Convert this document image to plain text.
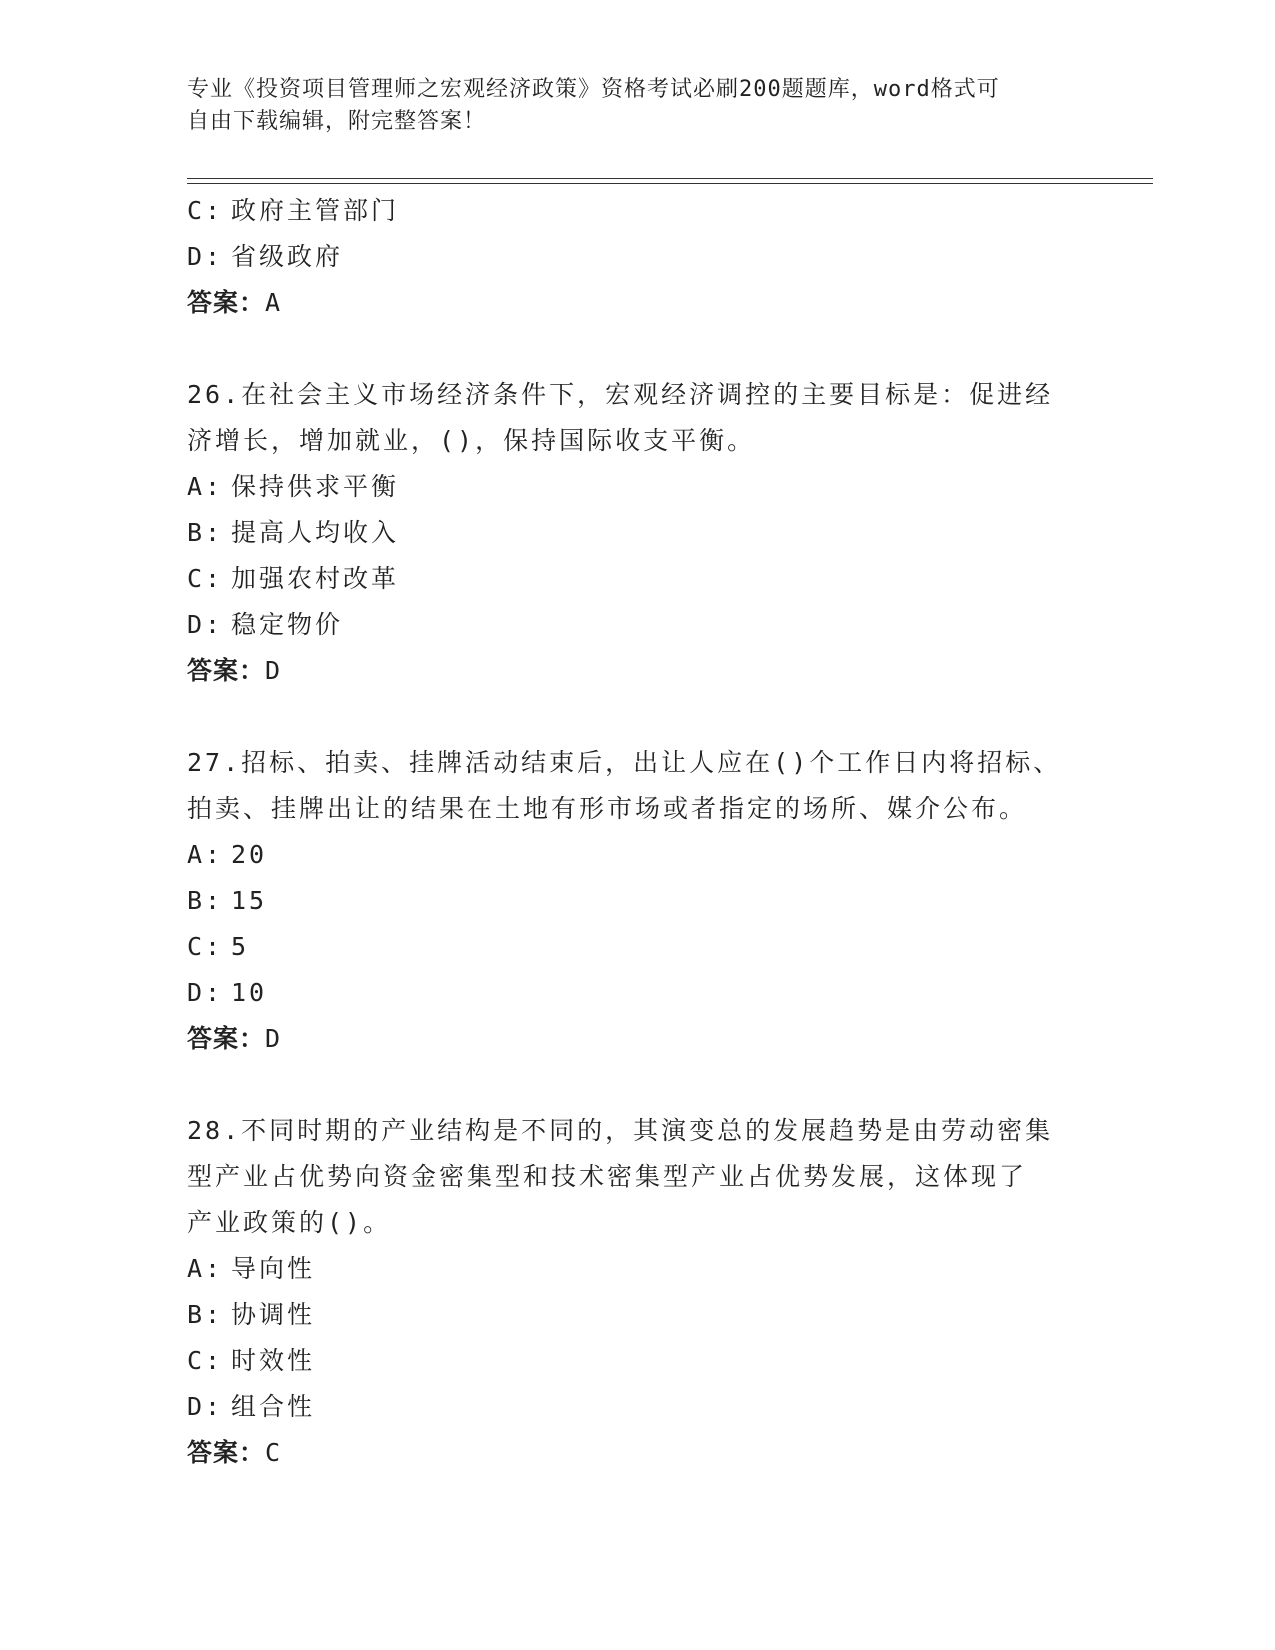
专业《投资项目管理师之宏观经济政策》资格考试必刷200题题库，word格式可
自由下载编辑，附完整答案！
C: 政府主管部门
D: 省级政府
答案：A
26.在社会主义市场经济条件下，宏观经济调控的主要目标是：促进经
济增长，增加就业，()，保持国际收支平衡。
A: 保持供求平衡
B: 提高人均收入
C: 加强农村改革
D: 稳定物价
答案：D
27.招标、拍卖、挂牌活动结束后，出让人应在()个工作日内将招标、
拍卖、挂牌出让的结果在土地有形市场或者指定的场所、媒介公布。
A: 20
B: 15
C: 5
D: 10
答案：D
28.不同时期的产业结构是不同的，其演变总的发展趋势是由劳动密集
型产业占优势向资金密集型和技术密集型产业占优势发展，这体现了
产业政策的()。
A: 导向性
B: 协调性
C: 时效性
D: 组合性
答案：C
